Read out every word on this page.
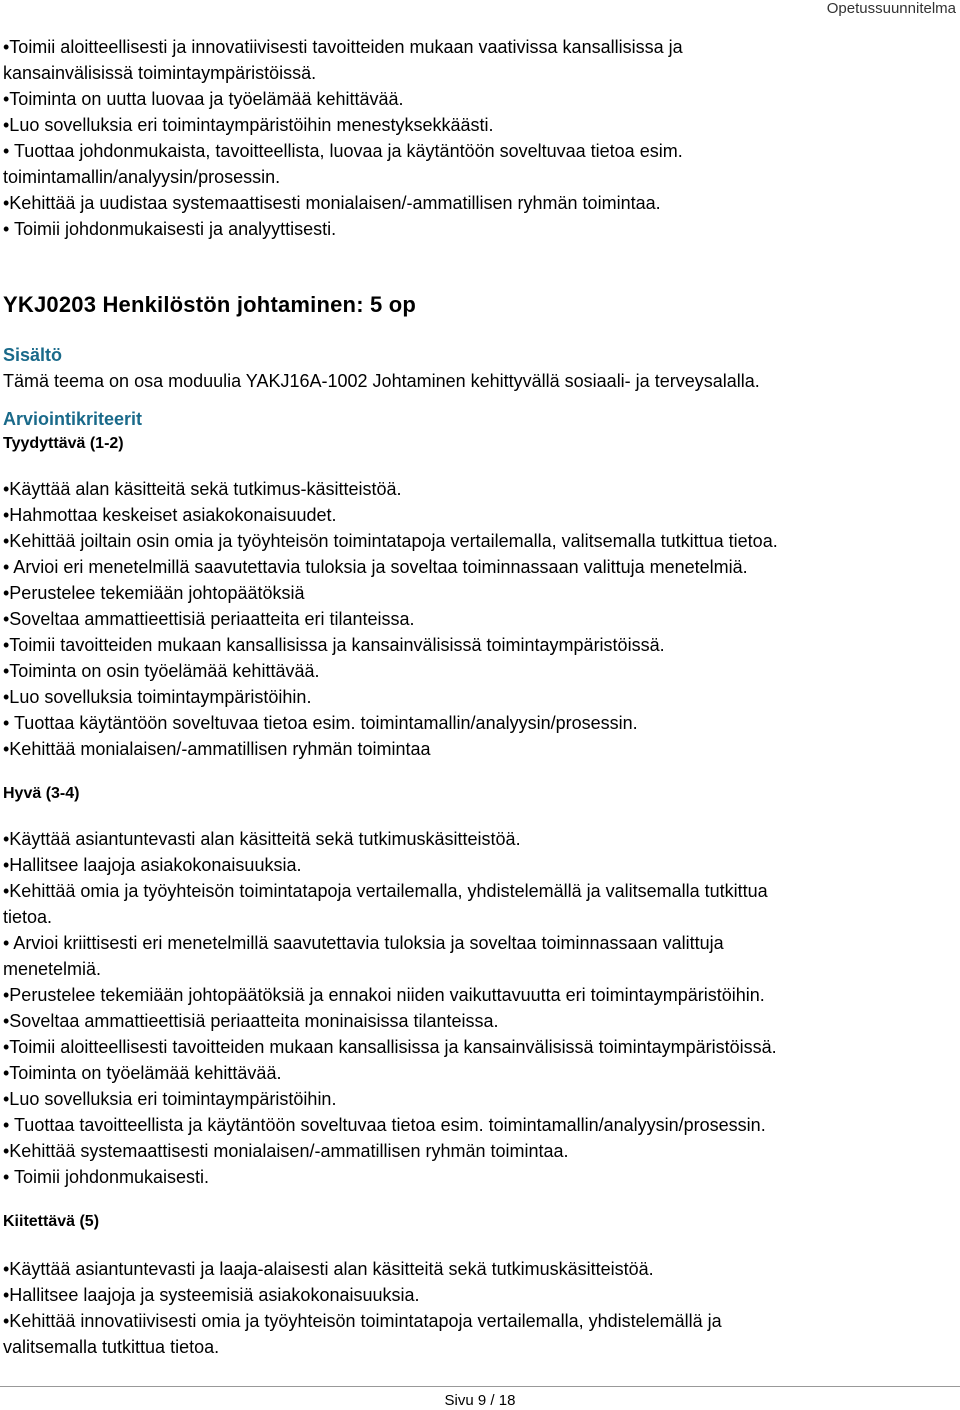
Opetussuunnitelma

•Toimii aloitteellisesti ja innovatiivisesti tavoitteiden mukaan vaativissa kansallisissa ja

kansainvälisissä toimintaympäristöissä.

•Toiminta on uutta luovaa ja työelämää kehittävää.

•Luo sovelluksia eri toimintaympäristöihin menestyksekkäästi.

• Tuottaa johdonmukaista, tavoitteellista, luovaa ja käytäntöön soveltuvaa tietoa esim.

toimintamallin/analyysin/prosessin.

•Kehittää ja uudistaa systemaattisesti monialaisen/-ammatillisen ryhmän toimintaa.

• Toimii johdonmukaisesti ja analyyttisesti.

YKJ0203 Henkilöstön johtaminen: 5 op

Sisältö

Tämä teema on osa moduulia YAKJ16A-1002 Johtaminen kehittyvällä sosiaali- ja terveysalalla.

Arviointikriteerit

Tyydyttävä (1-2)

•Käyttää alan käsitteitä sekä tutkimus-käsitteistöä.

•Hahmottaa keskeiset asiakokonaisuudet.

•Kehittää joiltain osin omia ja työyhteisön toimintatapoja vertailemalla, valitsemalla tutkittua tietoa.

• Arvioi eri menetelmillä saavutettavia tuloksia ja soveltaa toiminnassaan valittuja menetelmiä.

•Perustelee tekemiään johtopäätöksiä

•Soveltaa ammattieettisiä periaatteita eri tilanteissa.

•Toimii tavoitteiden mukaan kansallisissa ja kansainvälisissä toimintaympäristöissä.

•Toiminta on osin työelämää kehittävää.

•Luo sovelluksia toimintaympäristöihin.

• Tuottaa käytäntöön soveltuvaa tietoa esim. toimintamallin/analyysin/prosessin.

•Kehittää monialaisen/-ammatillisen ryhmän toimintaa

Hyvä (3-4)

•Käyttää asiantuntevasti alan käsitteitä sekä tutkimuskäsitteistöä.

•Hallitsee laajoja asiakokonaisuuksia.

•Kehittää omia ja työyhteisön toimintatapoja vertailemalla, yhdistelemällä ja valitsemalla tutkittua

tietoa.

• Arvioi kriittisesti eri menetelmillä saavutettavia tuloksia ja soveltaa toiminnassaan valittuja

menetelmiä.

•Perustelee tekemiään johtopäätöksiä ja ennakoi niiden vaikuttavuutta eri toimintaympäristöihin.

•Soveltaa ammattieettisiä periaatteita moninaisissa tilanteissa.

•Toimii aloitteellisesti tavoitteiden mukaan kansallisissa ja kansainvälisissä toimintaympäristöissä.

•Toiminta on työelämää kehittävää.

•Luo sovelluksia eri toimintaympäristöihin.

• Tuottaa tavoitteellista ja käytäntöön soveltuvaa tietoa esim. toimintamallin/analyysin/prosessin.

•Kehittää systemaattisesti monialaisen/-ammatillisen ryhmän toimintaa.

• Toimii johdonmukaisesti.

Kiitettävä (5)

•Käyttää asiantuntevasti ja laaja-alaisesti alan käsitteitä sekä tutkimuskäsitteistöä.

•Hallitsee laajoja ja systeemisiä asiakokonaisuuksia.

•Kehittää innovatiivisesti omia ja työyhteisön toimintatapoja vertailemalla, yhdistelemällä ja

valitsemalla tutkittua tietoa.

Sivu 9 / 18
